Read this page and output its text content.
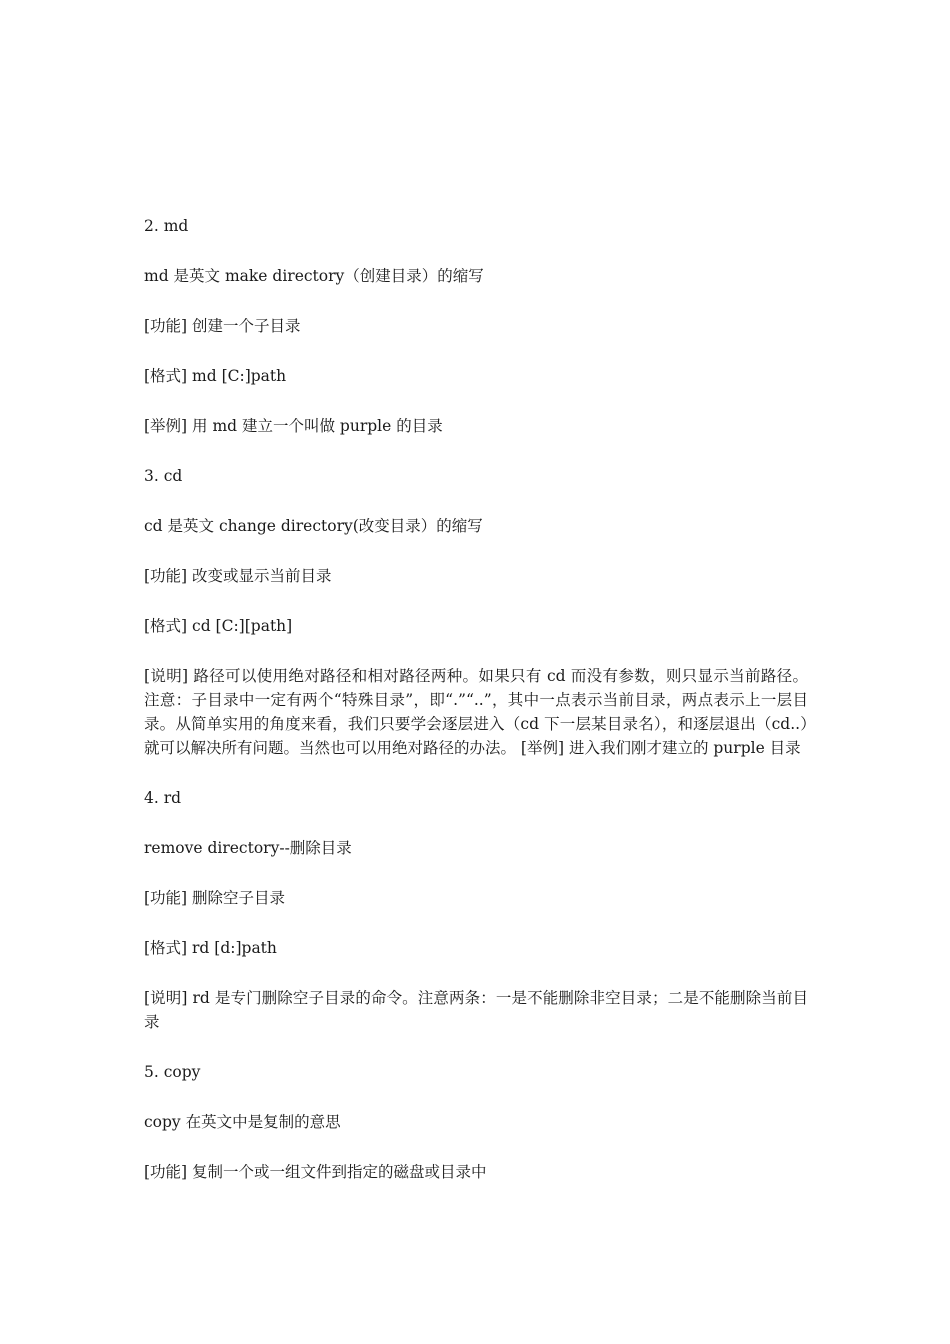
2. md

md 是英文 make directory（创建目录）的缩写

[功能] 创建一个子目录

[格式] md [C:]path

[举例] 用 md 建立一个叫做 purple 的目录

3. cd

cd 是英文 change directory(改变目录）的缩写

[功能] 改变或显示当前目录

[格式] cd [C:][path]

[说明] 路径可以使用绝对路径和相对路径两种。如果只有 cd 而没有参数，则只显示当前路径。注意：子目录中一定有两个“特殊目录”，即“.”“..”，其中一点表示当前目录，两点表示上一层目录。从简单实用的角度来看，我们只要学会逐层进入（cd 下一层某目录名），和逐层退出（cd..）就可以解决所有问题。当然也可以用绝对路径的办法。 [举例] 进入我们刚才建立的 purple 目录

4. rd

remove directory--删除目录

[功能] 删除空子目录

[格式] rd [d:]path

[说明] rd 是专门删除空子目录的命令。注意两条：一是不能删除非空目录；二是不能删除当前目录

5. copy

copy 在英文中是复制的意思

[功能] 复制一个或一组文件到指定的磁盘或目录中
